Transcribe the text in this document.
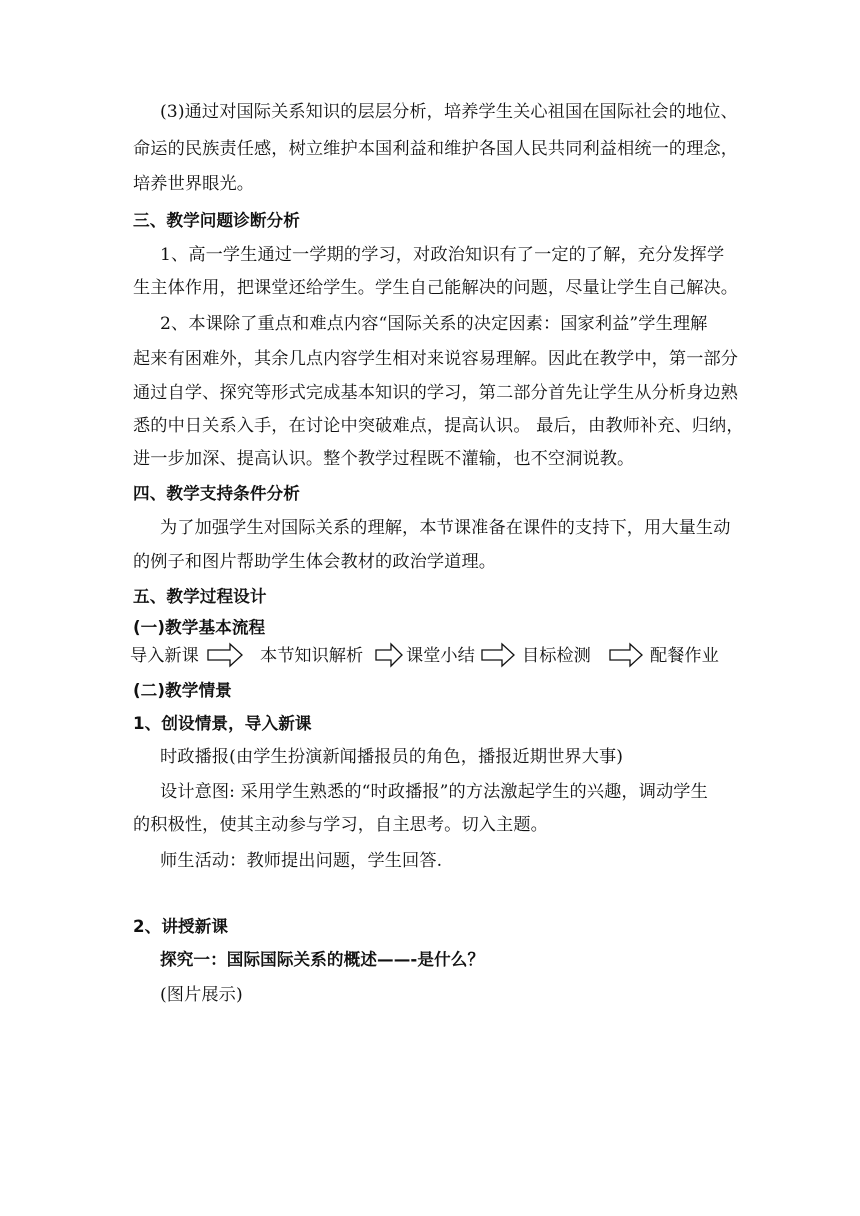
(3)通过对国际关系知识的层层分析，培养学生关心祖国在国际社会的地位、
命运的民族责任感，树立维护本国利益和维护各国人民共同利益相统一的理念，
培养世界眼光。
三、教学问题诊断分析
1、高一学生通过一学期的学习，对政治知识有了一定的了解，充分发挥学
生主体作用，把课堂还给学生。学生自己能解决的问题，尽量让学生自己解决。
2、本课除了重点和难点内容“国际关系的决定因素：国家利益”学生理解
起来有困难外，其余几点内容学生相对来说容易理解。因此在教学中，第一部分
通过自学、探究等形式完成基本知识的学习，第二部分首先让学生从分析身边熟
悉的中日关系入手，在讨论中突破难点，提高认识。 最后，由教师补充、归纳，
进一步加深、提高认识。整个教学过程既不灌输，也不空洞说教。
四、教学支持条件分析
为了加强学生对国际关系的理解，本节课准备在课件的支持下，用大量生动
的例子和图片帮助学生体会教材的政治学道理。
五、教学过程设计
(一)教学基本流程
导入新课	本节知识解析 课堂小结	目标检测	配餐作业
(二)教学情景
1、创设情景，导入新课
时政播报(由学生扮演新闻播报员的角色，播报近期世界大事)
设计意图: 采用学生熟悉的“时政播报”的方法激起学生的兴趣，调动学生
的积极性，使其主动参与学习，自主思考。切入主题。
师生活动：教师提出问题，学生回答.
2、讲授新课
探究一：国际国际关系的概述——-是什么？
(图片展示)
